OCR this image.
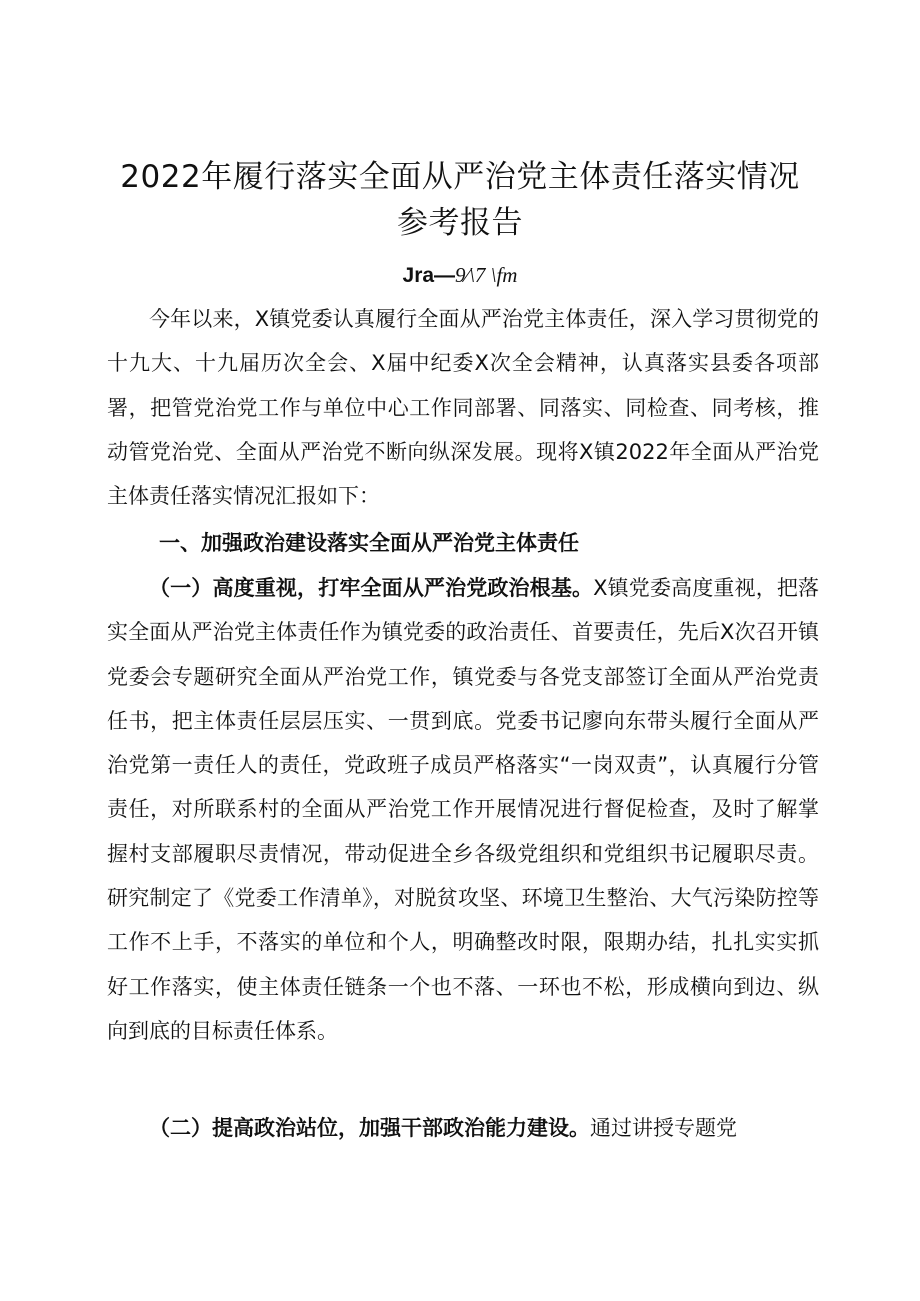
2022年履行落实全面从严治党主体责任落实情况
参考报告
Jra—9⁄\7 \fm

今年以来，X镇党委认真履行全面从严治党主体责任，深入学习贯彻党的十九大、十九届历次全会、X届中纪委X次全会精神，认真落实县委各项部署，把管党治党工作与单位中心工作同部署、同落实、同检查、同考核，推动管党治党、全面从严治党不断向纵深发展。现将X镇2022年全面从严治党主体责任落实情况汇报如下：

一、加强政治建设落实全面从严治党主体责任

（一）高度重视，打牢全面从严治党政治根基。X镇党委高度重视，把落实全面从严治党主体责任作为镇党委的政治责任、首要责任，先后X次召开镇党委会专题研究全面从严治党工作，镇党委与各党支部签订全面从严治党责任书，把主体责任层层压实、一贯到底。党委书记廖向东带头履行全面从严治党第一责任人的责任，党政班子成员严格落实“一岗双责”，认真履行分管责任，对所联系村的全面从严治党工作开展情况进行督促检查，及时了解掌握村支部履职尽责情况，带动促进全乡各级党组织和党组织书记履职尽责。研究制定了《党委工作清单》，对脱贫攻坚、环境卫生整治、大气污染防控等工作不上手，不落实的单位和个人，明确整改时限，限期办结，扎扎实实抓好工作落实，使主体责任链条一个也不落、一环也不松，形成横向到边、纵向到底的目标责任体系。

（二）提高政治站位，加强干部政治能力建设。通过讲授专题党
